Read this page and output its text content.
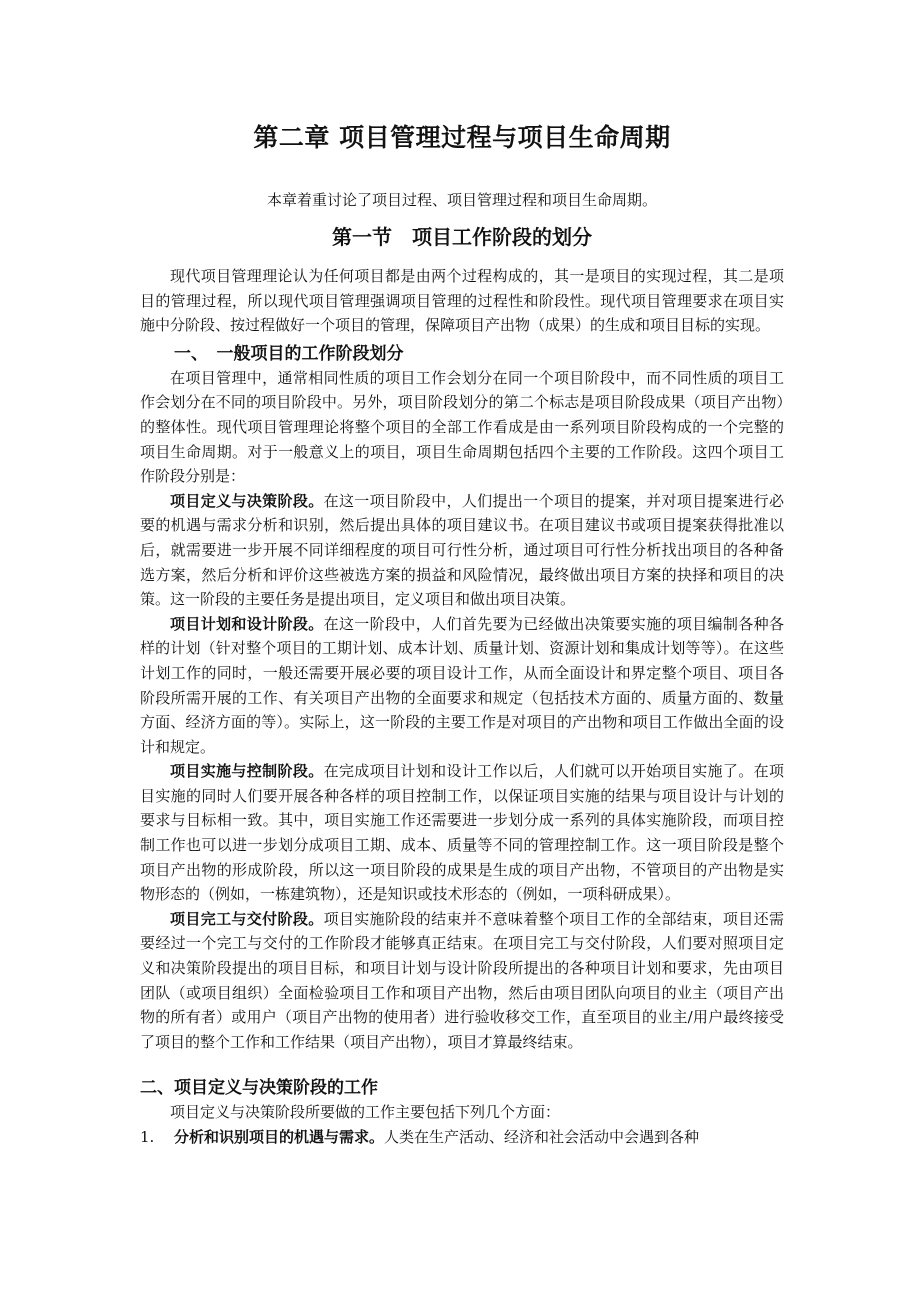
第二章 项目管理过程与项目生命周期

本章着重讨论了项目过程、项目管理过程和项目生命周期。

第一节　项目工作阶段的划分

现代项目管理理论认为任何项目都是由两个过程构成的，其一是项目的实现过程，其二是项目的管理过程，所以现代项目管理强调项目管理的过程性和阶段性。现代项目管理要求在项目实施中分阶段、按过程做好一个项目的管理，保障项目产出物（成果）的生成和项目目标的实现。

一、　一般项目的工作阶段划分

在项目管理中，通常相同性质的项目工作会划分在同一个项目阶段中，而不同性质的项目工作会划分在不同的项目阶段中。另外，项目阶段划分的第二个标志是项目阶段成果（项目产出物）的整体性。现代项目管理理论将整个项目的全部工作看成是由一系列项目阶段构成的一个完整的项目生命周期。对于一般意义上的项目，项目生命周期包括四个主要的工作阶段。这四个项目工作阶段分别是：

项目定义与决策阶段。在这一项目阶段中，人们提出一个项目的提案，并对项目提案进行必要的机遇与需求分析和识别，然后提出具体的项目建议书。在项目建议书或项目提案获得批准以后，就需要进一步开展不同详细程度的项目可行性分析，通过项目可行性分析找出项目的各种备选方案，然后分析和评价这些被选方案的损益和风险情况，最终做出项目方案的抉择和项目的决策。这一阶段的主要任务是提出项目，定义项目和做出项目决策。

项目计划和设计阶段。在这一阶段中，人们首先要为已经做出决策要实施的项目编制各种各样的计划（针对整个项目的工期计划、成本计划、质量计划、资源计划和集成计划等等）。在这些计划工作的同时，一般还需要开展必要的项目设计工作，从而全面设计和界定整个项目、项目各阶段所需开展的工作、有关项目产出物的全面要求和规定（包括技术方面的、质量方面的、数量方面、经济方面的等）。实际上，这一阶段的主要工作是对项目的产出物和项目工作做出全面的设计和规定。

项目实施与控制阶段。在完成项目计划和设计工作以后，人们就可以开始项目实施了。在项目实施的同时人们要开展各种各样的项目控制工作，以保证项目实施的结果与项目设计与计划的要求与目标相一致。其中，项目实施工作还需要进一步划分成一系列的具体实施阶段，而项目控制工作也可以进一步划分成项目工期、成本、质量等不同的管理控制工作。这一项目阶段是整个项目产出物的形成阶段，所以这一项目阶段的成果是生成的项目产出物，不管项目的产出物是实物形态的（例如，一栋建筑物），还是知识或技术形态的（例如，一项科研成果）。

项目完工与交付阶段。项目实施阶段的结束并不意味着整个项目工作的全部结束，项目还需要经过一个完工与交付的工作阶段才能够真正结束。在项目完工与交付阶段，人们要对照项目定义和决策阶段提出的项目目标，和项目计划与设计阶段所提出的各种项目计划和要求，先由项目团队（或项目组织）全面检验项目工作和项目产出物，然后由项目团队向项目的业主（项目产出物的所有者）或用户（项目产出物的使用者）进行验收移交工作，直至项目的业主/用户最终接受了项目的整个工作和工作结果（项目产出物），项目才算最终结束。

二、项目定义与决策阶段的工作

项目定义与决策阶段所要做的工作主要包括下列几个方面：

1. 分析和识别项目的机遇与需求。人类在生产活动、经济和社会活动中会遇到各种
